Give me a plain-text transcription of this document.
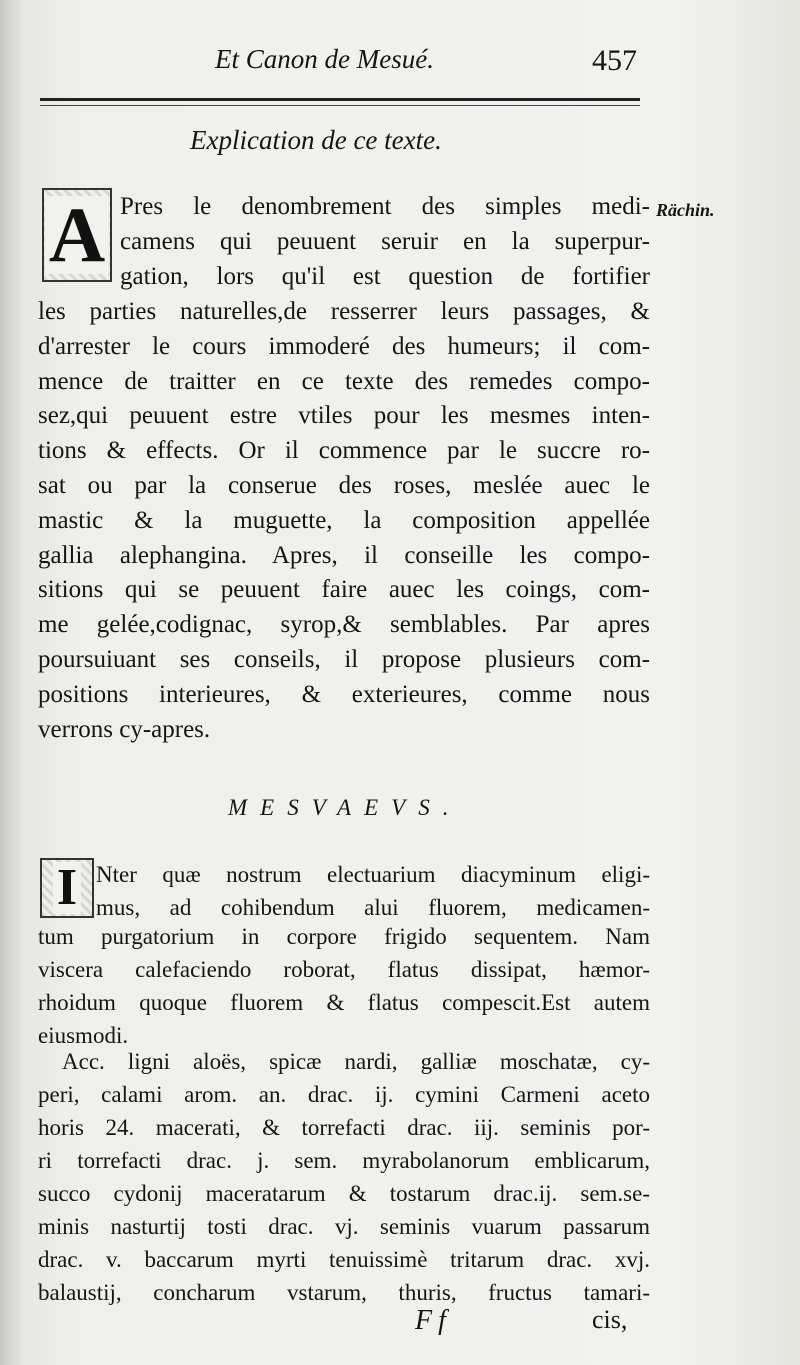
Et Canon de Mesué.	457
Explication de ce texte.
Rächin.
A Pres le denombrement des simples medi-
camens qui peuuent seruir en la superpur-
gation, lors qu'il est question de fortifier
les parties naturelles,de resserrer leurs passages, &
d'arrester le cours immoderé des humeurs; il com-
mence de traitter en ce texte des remedes compo-
sez,qui peuuent estre vtiles pour les mesmes inten-
tions & effects. Or il commence par le succre ro-
sat ou par la conserue des roses, meslée auec le
mastic & la muguette, la composition appellée
gallia alephangina. Apres, il conseille les compo-
sitions qui se peuuent faire auec les coings, com-
me gelée,codignac, syrop,& semblables. Par apres
poursuiuant ses conseils, il propose plusieurs com-
positions interieures, & exterieures, comme nous
verrons cy-apres.
MESVAEVS.
I Nter quæ nostrum electuarium diacyminum eligi-
mus, ad cohibendum alui fluorem, medicamen-
tum purgatorium in corpore frigido sequentem. Nam
viscera calefaciendo roborat, flatus dissipat, hæmor-
rhoidum quoque fluorem & flatus compescit.Est autem
eiusmodi.
Acc. ligni aloës, spicæ nardi, galliæ moschatæ, cy-
peri, calami arom. an. drac. ij. cymini Carmeni aceto
horis 24. macerati, & torrefacti drac. iij. seminis por-
ri torrefacti drac. j. sem. myrabolanorum emblicarum,
succo cydonij maceratarum & tostarum drac.ij. sem.se-
minis nasturtij tosti drac. vj. seminis vuarum passarum
drac. v. baccarum myrti tenuissimè tritarum drac. xvj.
balaustij, concharum vstarum, thuris, fructus tamari-
Ff	cis,
